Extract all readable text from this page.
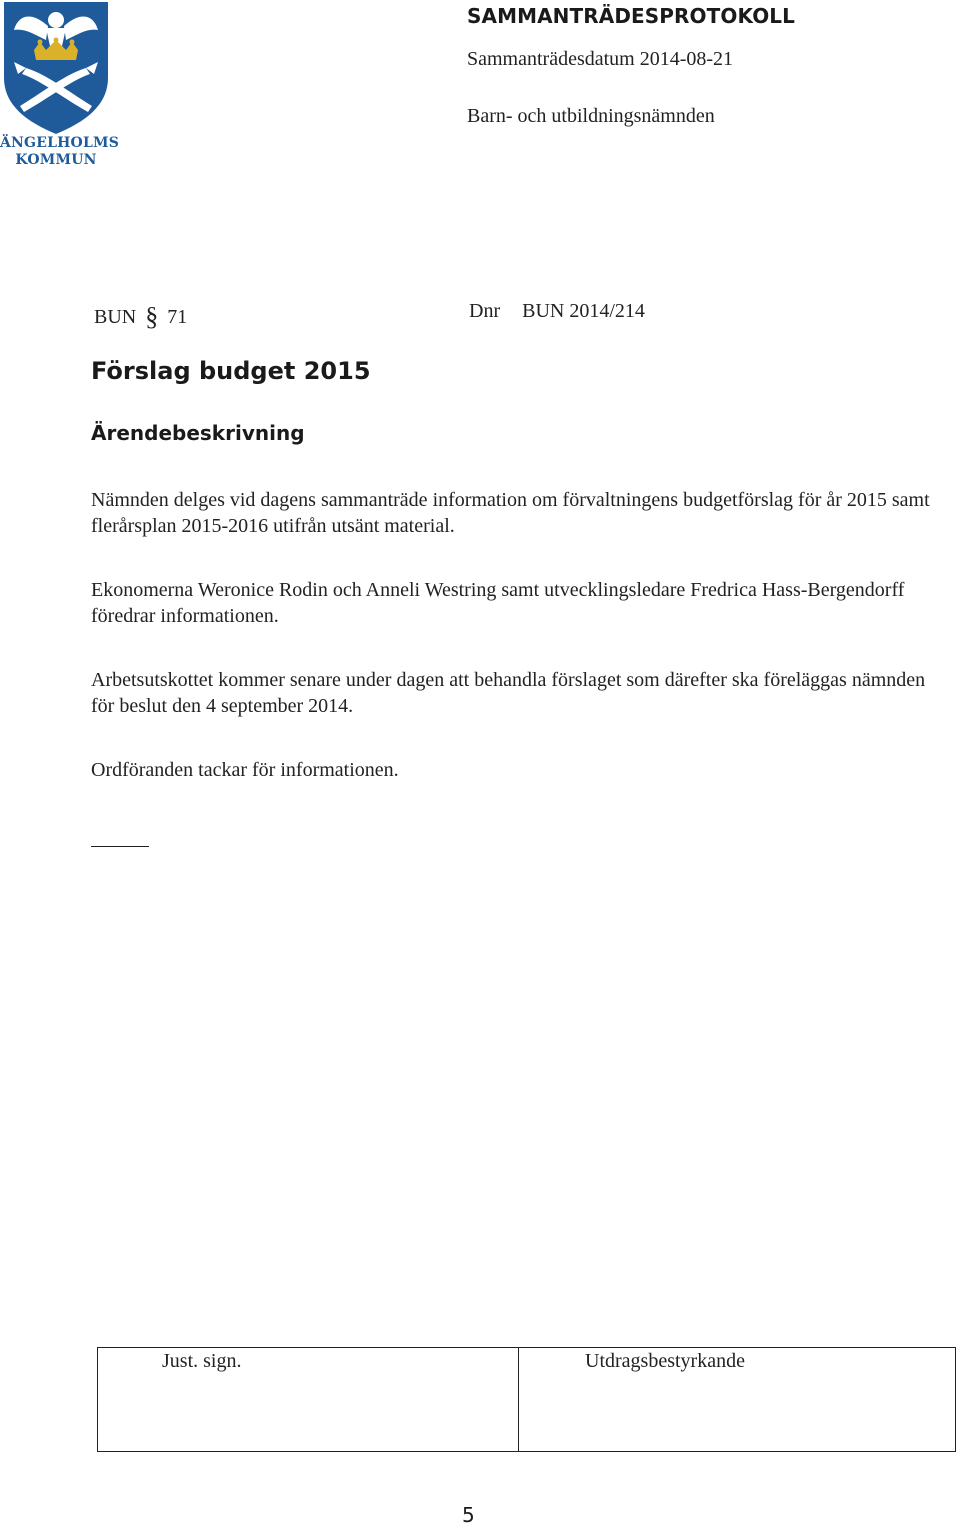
ÄNGELHOLMS
KOMMUN
SAMMANTRÄDESPROTOKOLL
Sammanträdesdatum 2014-08-21
Barn- och utbildningsnämnden
BUN § 71	Dnr BUN 2014/214
Förslag budget 2015
Ärendebeskrivning
Nämnden delges vid dagens sammanträde information om förvaltningens budgetförslag för år 2015 samt flerårsplan 2015-2016 utifrån utsänt material.
Ekonomerna Weronice Rodin och Anneli Westring samt utvecklingsledare Fredrica Hass-Bergendorff föredrar informationen.
Arbetsutskottet kommer senare under dagen att behandla förslaget som därefter ska föreläggas nämnden för beslut den 4 september 2014.
Ordföranden tackar för informationen.
Just. sign.	Utdragsbestyrkande
5
